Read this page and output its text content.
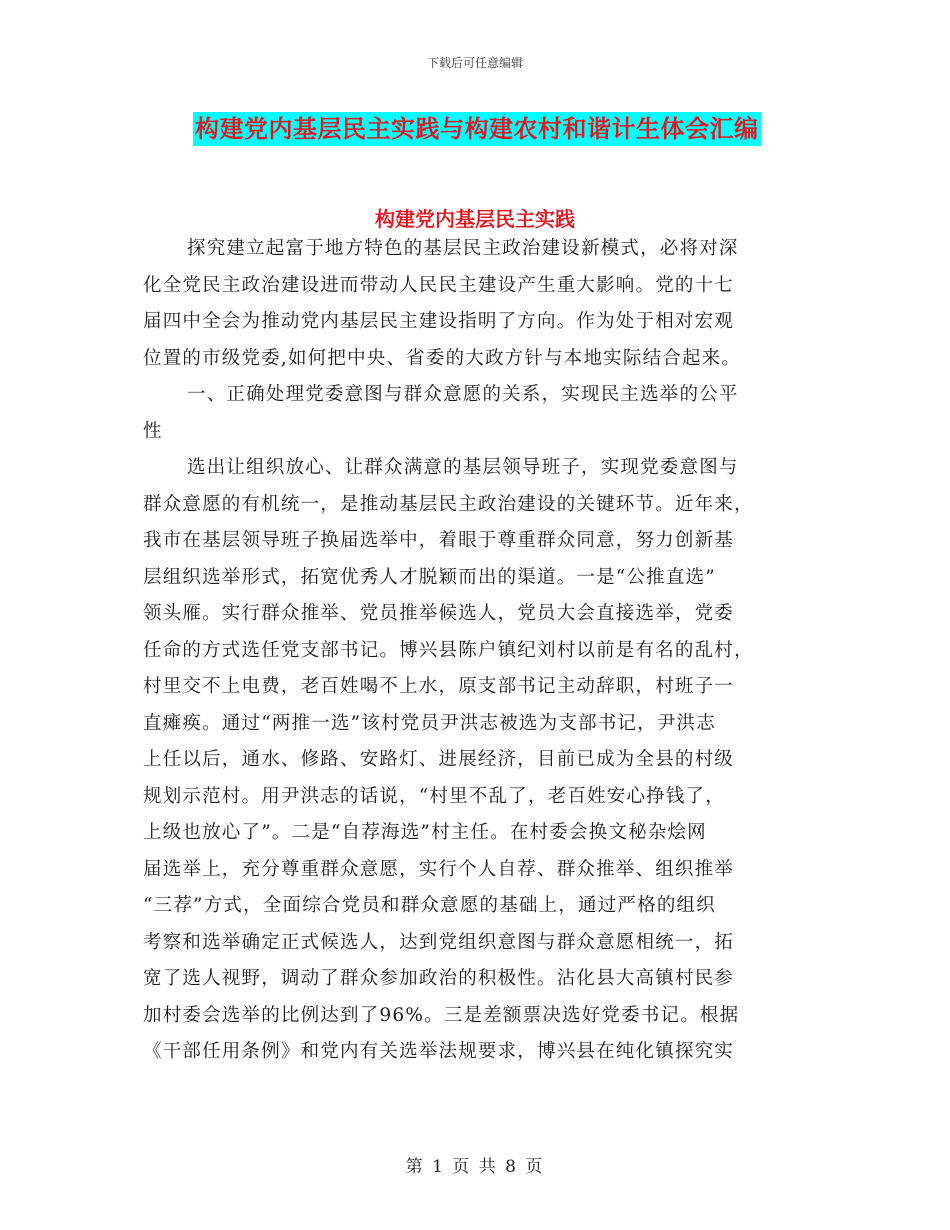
下载后可任意编辑
构建党内基层民主实践与构建农村和谐计生体会汇编
构建党内基层民主实践
探究建立起富于地方特色的基层民主政治建设新模式，必将对深
化全党民主政治建设进而带动人民民主建设产生重大影响。党的十七
届四中全会为推动党内基层民主建设指明了方向。作为处于相对宏观
位置的市级党委,如何把中央、省委的大政方针与本地实际结合起来。
一、正确处理党委意图与群众意愿的关系，实现民主选举的公平
性
选出让组织放心、让群众满意的基层领导班子，实现党委意图与
群众意愿的有机统一，是推动基层民主政治建设的关键环节。近年来，
我市在基层领导班子换届选举中，着眼于尊重群众同意，努力创新基
层组织选举形式，拓宽优秀人才脱颖而出的渠道。一是“公推直选”
领头雁。实行群众推举、党员推举候选人，党员大会直接选举，党委
任命的方式选任党支部书记。博兴县陈户镇纪刘村以前是有名的乱村，
村里交不上电费，老百姓喝不上水，原支部书记主动辞职，村班子一
直瘫痪。通过“两推一选”该村党员尹洪志被选为支部书记，尹洪志
上任以后，通水、修路、安路灯、进展经济，目前已成为全县的村级
规划示范村。用尹洪志的话说，“村里不乱了，老百姓安心挣钱了，
上级也放心了”。二是“自荐海选”村主任。在村委会换文秘杂烩网
届选举上，充分尊重群众意愿，实行个人自荐、群众推举、组织推举
“三荐”方式，全面综合党员和群众意愿的基础上，通过严格的组织
考察和选举确定正式候选人，达到党组织意图与群众意愿相统一，拓
宽了选人视野，调动了群众参加政治的积极性。沾化县大高镇村民参
加村委会选举的比例达到了96%。三是差额票决选好党委书记。根据
《干部任用条例》和党内有关选举法规要求，博兴县在纯化镇探究实
第 1 页 共 8 页
